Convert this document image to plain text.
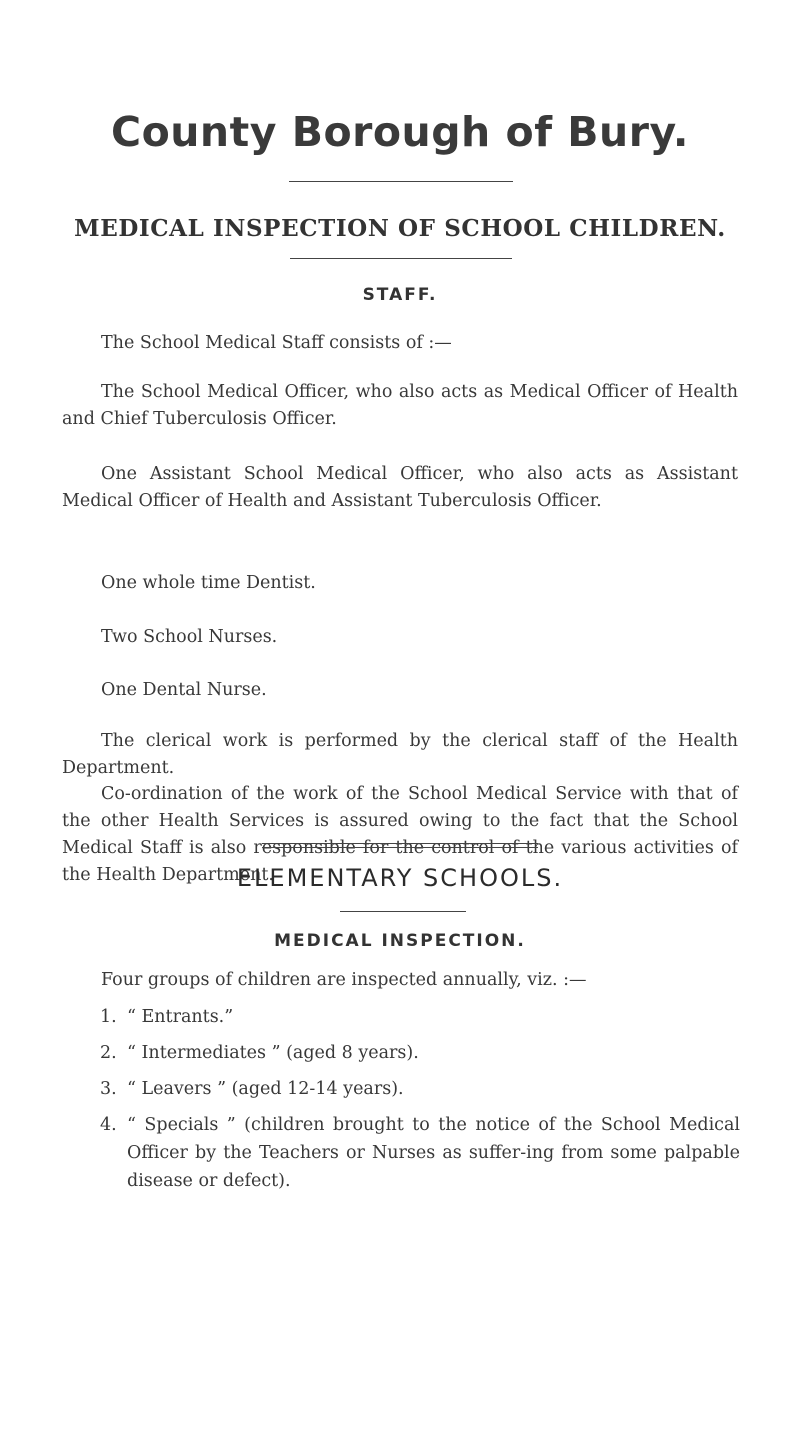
County Borough of Bury.
MEDICAL INSPECTION OF SCHOOL CHILDREN.
STAFF.
The School Medical Staff consists of :—
The School Medical Officer, who also acts as Medical Officer of Health and Chief Tuberculosis Officer.
One Assistant School Medical Officer, who also acts as Assistant Medical Officer of Health and Assistant Tuberculosis Officer.
One whole time Dentist.
Two School Nurses.
One Dental Nurse.
The clerical work is performed by the clerical staff of the Health Department.
Co-ordination of the work of the School Medical Service with that of the other Health Services is assured owing to the fact that the School Medical Staff is also responsible for the control of the various activities of the Health Department.
ELEMENTARY SCHOOLS.
MEDICAL INSPECTION.
Four groups of children are inspected annually, viz. :—
1. “ Entrants.”
2. “ Intermediates ” (aged 8 years).
3. “ Leavers ” (aged 12-14 years).
4. “ Specials ” (children brought to the notice of the School Medical Officer by the Teachers or Nurses as suffer-ing from some palpable disease or defect).
